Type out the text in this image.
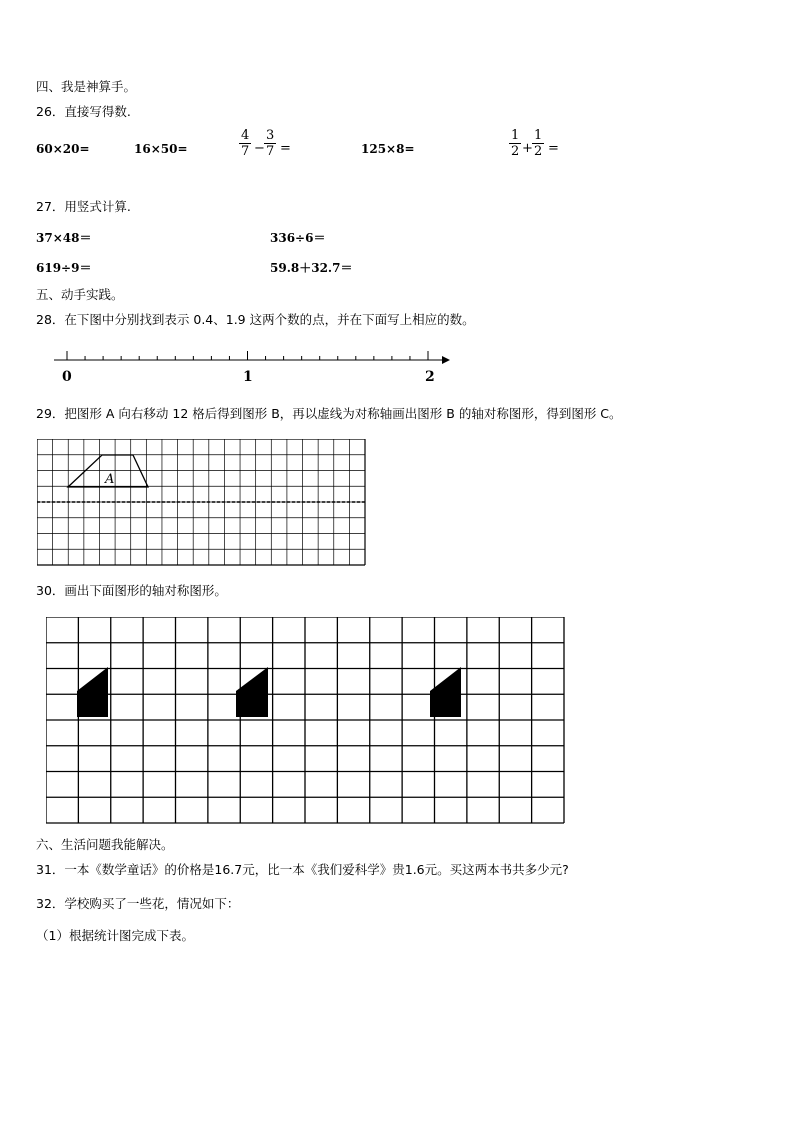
四、我是神算手。
26．直接写得数.
60×20=	16×50=
4
7 −
3
7 =	125×8=
1
2 +
1
2 =
27．用竖式计算.
37×48＝	336÷6＝
619÷9＝	59.8＋32.7＝
五、动手实践。
28．在下图中分别找到表示 0.4、1.9 这两个数的点，并在下面写上相应的数。
0	1	2
29．把图形 A 向右移动 12 格后得到图形 B，再以虚线为对称轴画出图形 B 的轴对称图形，得到图形 C。
A
30．画出下面图形的轴对称图形。
六、生活问题我能解决。
31．一本《数学童话》的价格是16.7元，比一本《我们爱科学》贵1.6元。买这两本书共多少元?
32．学校购买了一些花，情况如下：
（1）根据统计图完成下表。
